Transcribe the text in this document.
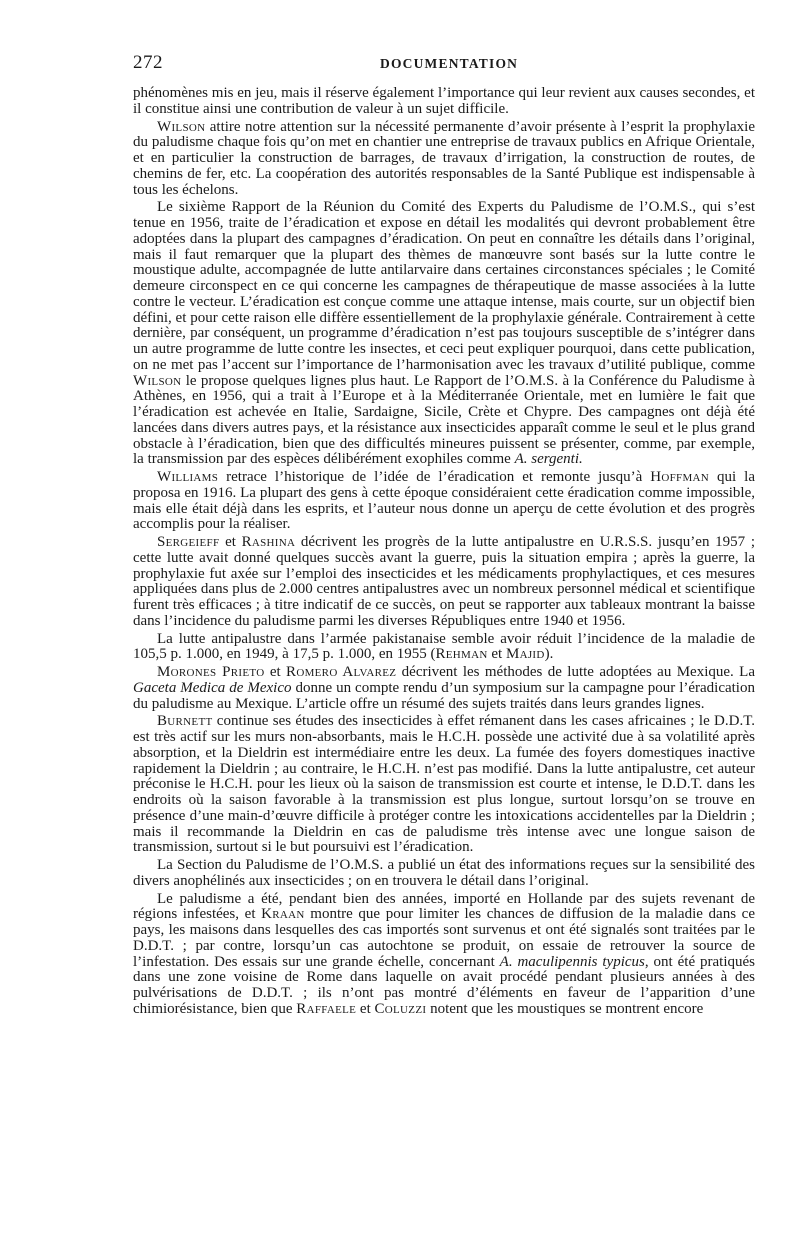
272	DOCUMENTATION

phénomènes mis en jeu, mais il réserve également l’importance qui leur revient aux causes secondes, et il constitue ainsi une contribution de valeur à un sujet difficile.

Wilson attire notre attention sur la nécessité permanente d’avoir présente à l’esprit la prophylaxie du paludisme chaque fois qu’on met en chantier une entreprise de travaux publics en Afrique Orientale, et en particulier la construction de barrages, de travaux d’irrigation, la construction de routes, de chemins de fer, etc. La coopération des autorités responsables de la Santé Publique est indispensable à tous les échelons.

Le sixième Rapport de la Réunion du Comité des Experts du Paludisme de l’O.M.S., qui s’est tenue en 1956, traite de l’éradication et expose en détail les modalités qui devront probablement être adoptées dans la plupart des campagnes d’éradication. On peut en connaître les détails dans l’original, mais il faut remarquer que la plupart des thèmes de manœuvre sont basés sur la lutte contre le moustique adulte, accompagnée de lutte antilarvaire dans certaines circonstances spéciales ; le Comité demeure circonspect en ce qui concerne les campagnes de thérapeutique de masse associées à la lutte contre le vecteur. L’éradication est conçue comme une attaque intense, mais courte, sur un objectif bien défini, et pour cette raison elle diffère essentiellement de la prophylaxie générale. Contrairement à cette dernière, par conséquent, un programme d’éradication n’est pas toujours susceptible de s’intégrer dans un autre programme de lutte contre les insectes, et ceci peut expliquer pourquoi, dans cette publication, on ne met pas l’accent sur l’importance de l’harmonisation avec les travaux d’utilité publique, comme Wilson le propose quelques lignes plus haut. Le Rapport de l’O.M.S. à la Conférence du Paludisme à Athènes, en 1956, qui a trait à l’Europe et à la Méditerranée Orientale, met en lumière le fait que l’éradication est achevée en Italie, Sardaigne, Sicile, Crète et Chypre. Des campagnes ont déjà été lancées dans divers autres pays, et la résistance aux insecticides apparaît comme le seul et le plus grand obstacle à l’éradication, bien que des difficultés mineures puissent se présenter, comme, par exemple, la transmission par des espèces délibérément exophiles comme A. sergenti.

Williams retrace l’historique de l’idée de l’éradication et remonte jusqu’à Hoffman qui la proposa en 1916. La plupart des gens à cette époque considéraient cette éradication comme impossible, mais elle était déjà dans les esprits, et l’auteur nous donne un aperçu de cette évolution et des progrès accomplis pour la réaliser.

Sergeieff et Rashina décrivent les progrès de la lutte antipalustre en U.R.S.S. jusqu’en 1957 ; cette lutte avait donné quelques succès avant la guerre, puis la situation empira ; après la guerre, la prophylaxie fut axée sur l’emploi des insecticides et les médicaments prophylactiques, et ces mesures appliquées dans plus de 2.000 centres antipalustres avec un nombreux personnel médical et scientifique furent très efficaces ; à titre indicatif de ce succès, on peut se rapporter aux tableaux montrant la baisse dans l’incidence du paludisme parmi les diverses Républiques entre 1940 et 1956.

La lutte antipalustre dans l’armée pakistanaise semble avoir réduit l’incidence de la maladie de 105,5 p. 1.000, en 1949, à 17,5 p. 1.000, en 1955 (Rehman et Majid).

Morones Prieto et Romero Alvarez décrivent les méthodes de lutte adoptées au Mexique. La Gaceta Medica de Mexico donne un compte rendu d’un symposium sur la campagne pour l’éradication du paludisme au Mexique. L’article offre un résumé des sujets traités dans leurs grandes lignes.

Burnett continue ses études des insecticides à effet rémanent dans les cases africaines ; le D.D.T. est très actif sur les murs non-absorbants, mais le H.C.H. possède une activité due à sa volatilité après absorption, et la Dieldrin est intermédiaire entre les deux. La fumée des foyers domestiques inactive rapidement la Dieldrin ; au contraire, le H.C.H. n’est pas modifié. Dans la lutte antipalustre, cet auteur préconise le H.C.H. pour les lieux où la saison de transmission est courte et intense, le D.D.T. dans les endroits où la saison favorable à la transmission est plus longue, surtout lorsqu’on se trouve en présence d’une main-d’œuvre difficile à protéger contre les intoxications accidentelles par la Dieldrin ; mais il recommande la Dieldrin en cas de paludisme très intense avec une longue saison de transmission, surtout si le but poursuivi est l’éradication.

La Section du Paludisme de l’O.M.S. a publié un état des informations reçues sur la sensibilité des divers anophélinés aux insecticides ; on en trouvera le détail dans l’original.

Le paludisme a été, pendant bien des années, importé en Hollande par des sujets revenant de régions infestées, et Kraan montre que pour limiter les chances de diffusion de la maladie dans ce pays, les maisons dans lesquelles des cas importés sont survenus et ont été signalés sont traitées par le D.D.T. ; par contre, lorsqu’un cas autochtone se produit, on essaie de retrouver la source de l’infestation. Des essais sur une grande échelle, concernant A. maculipennis typicus, ont été pratiqués dans une zone voisine de Rome dans laquelle on avait procédé pendant plusieurs années à des pulvérisations de D.D.T. ; ils n’ont pas montré d’éléments en faveur de l’apparition d’une chimiorésistance, bien que Raffaele et Coluzzi notent que les moustiques se montrent encore
